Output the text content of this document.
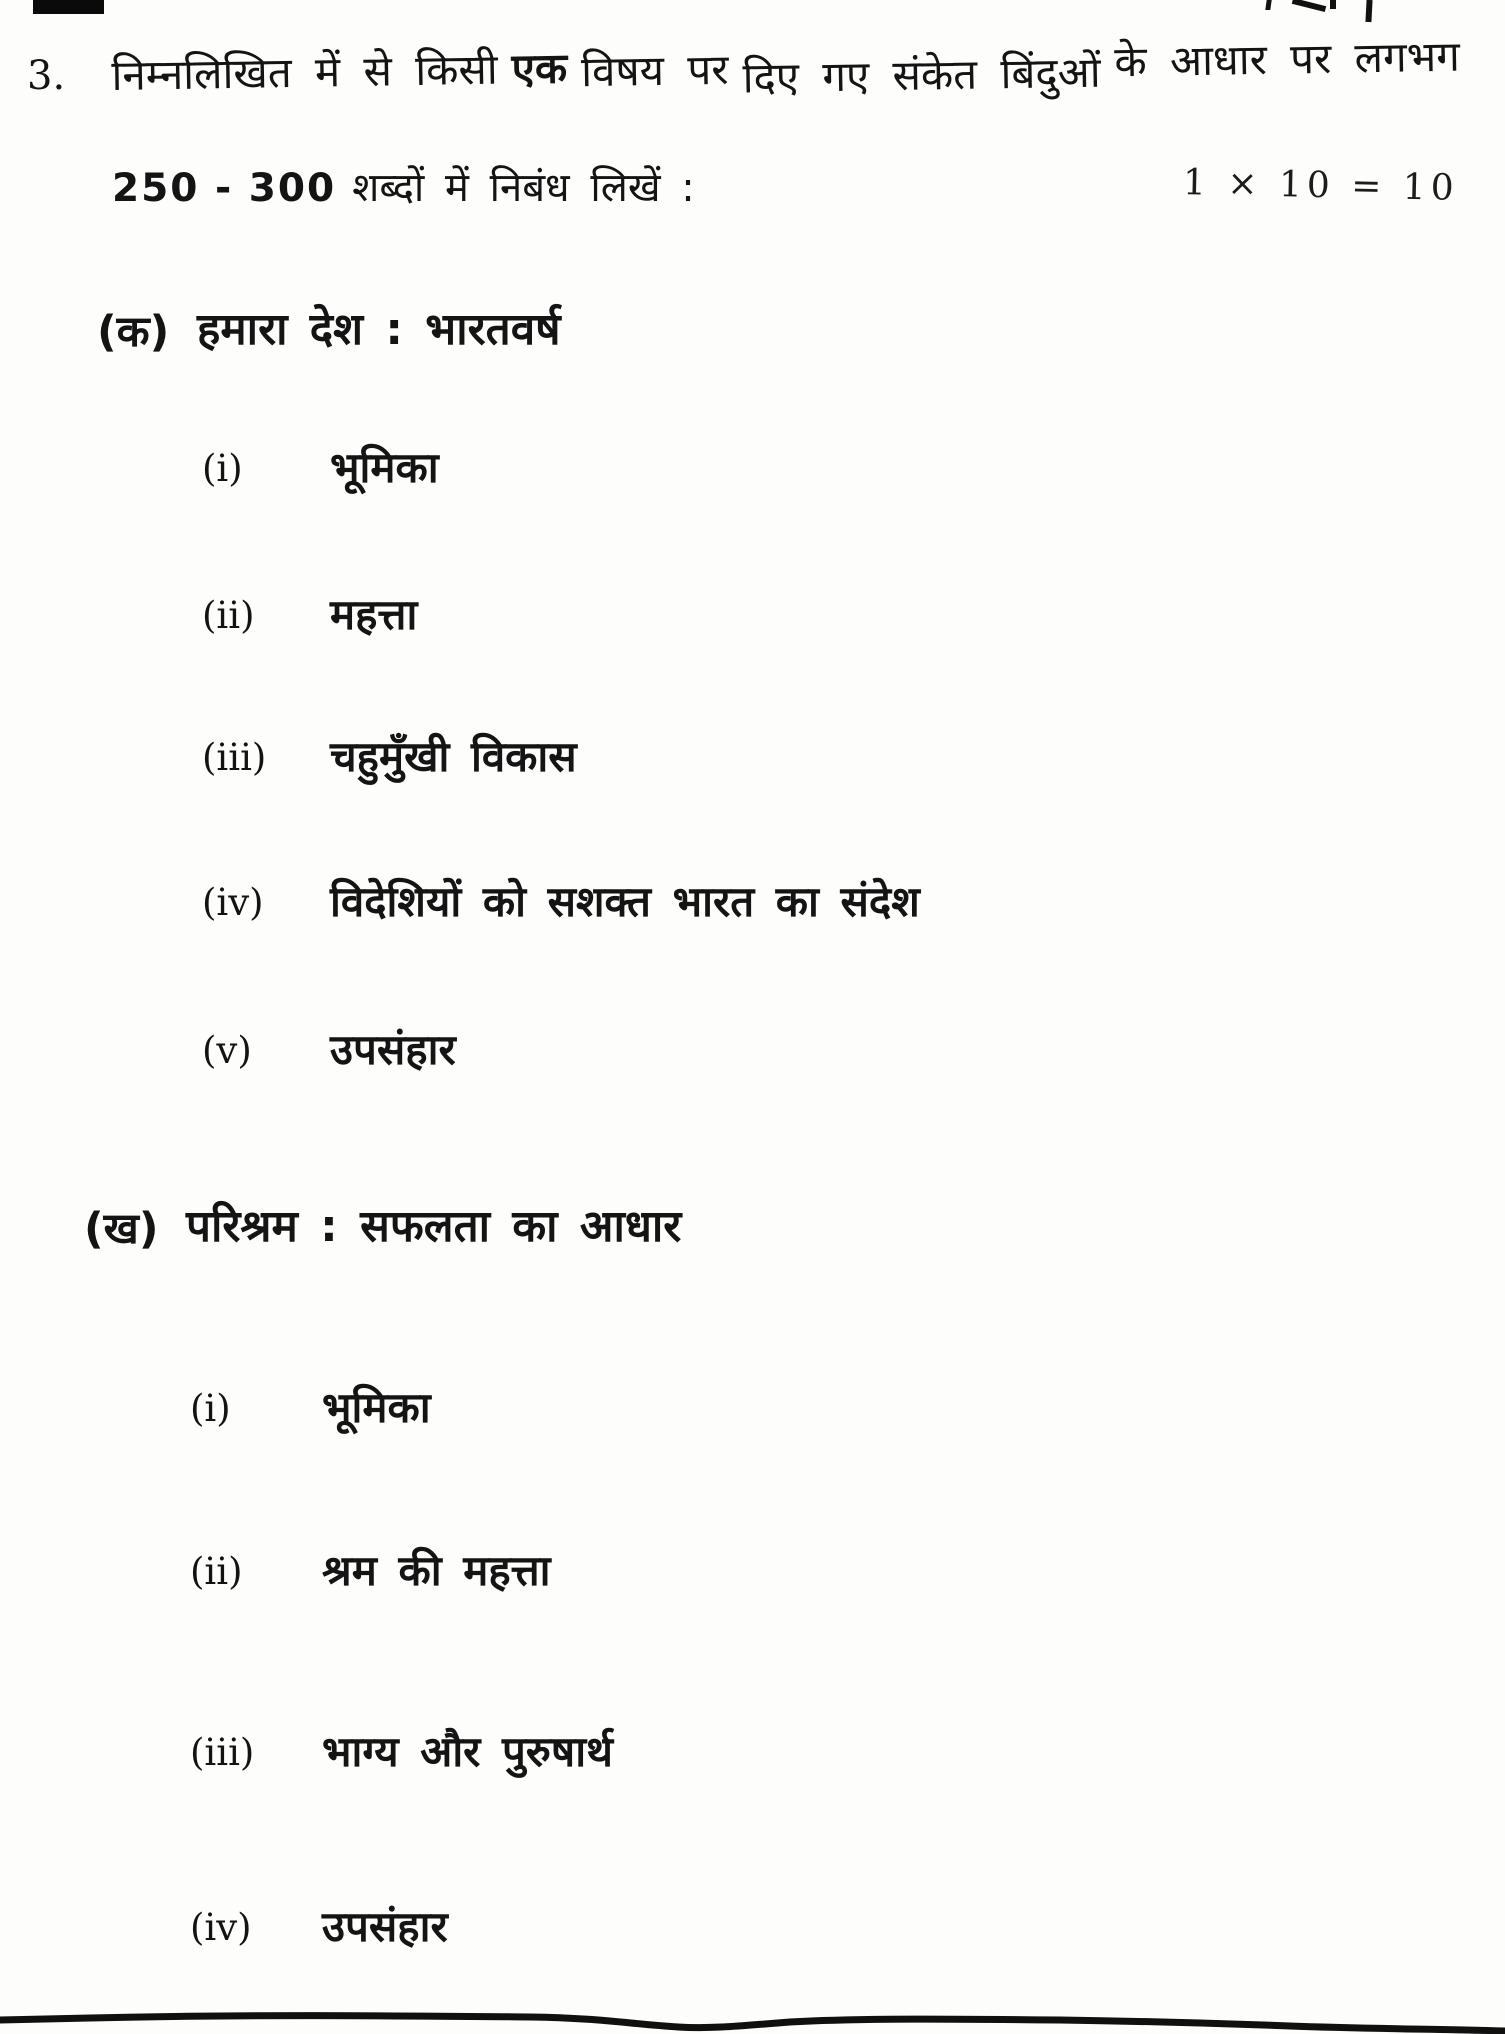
3. निम्नलिखित में से किसी एक विषय पर दिए गए संकेत बिंदुओं के आधार पर लगभग
250 - 300 शब्दों में निबंध लिखें :	1 × 10 = 10
(क) हमारा देश : भारतवर्ष
(i) भूमिका
(ii) महत्ता
(iii) चहुमुँखी विकास
(iv) विदेशियों को सशक्त भारत का संदेश
(v) उपसंहार
(ख) परिश्रम : सफलता का आधार
(i) भूमिका
(ii) श्रम की महत्ता
(iii) भाग्य और पुरुषार्थ
(iv) उपसंहार
